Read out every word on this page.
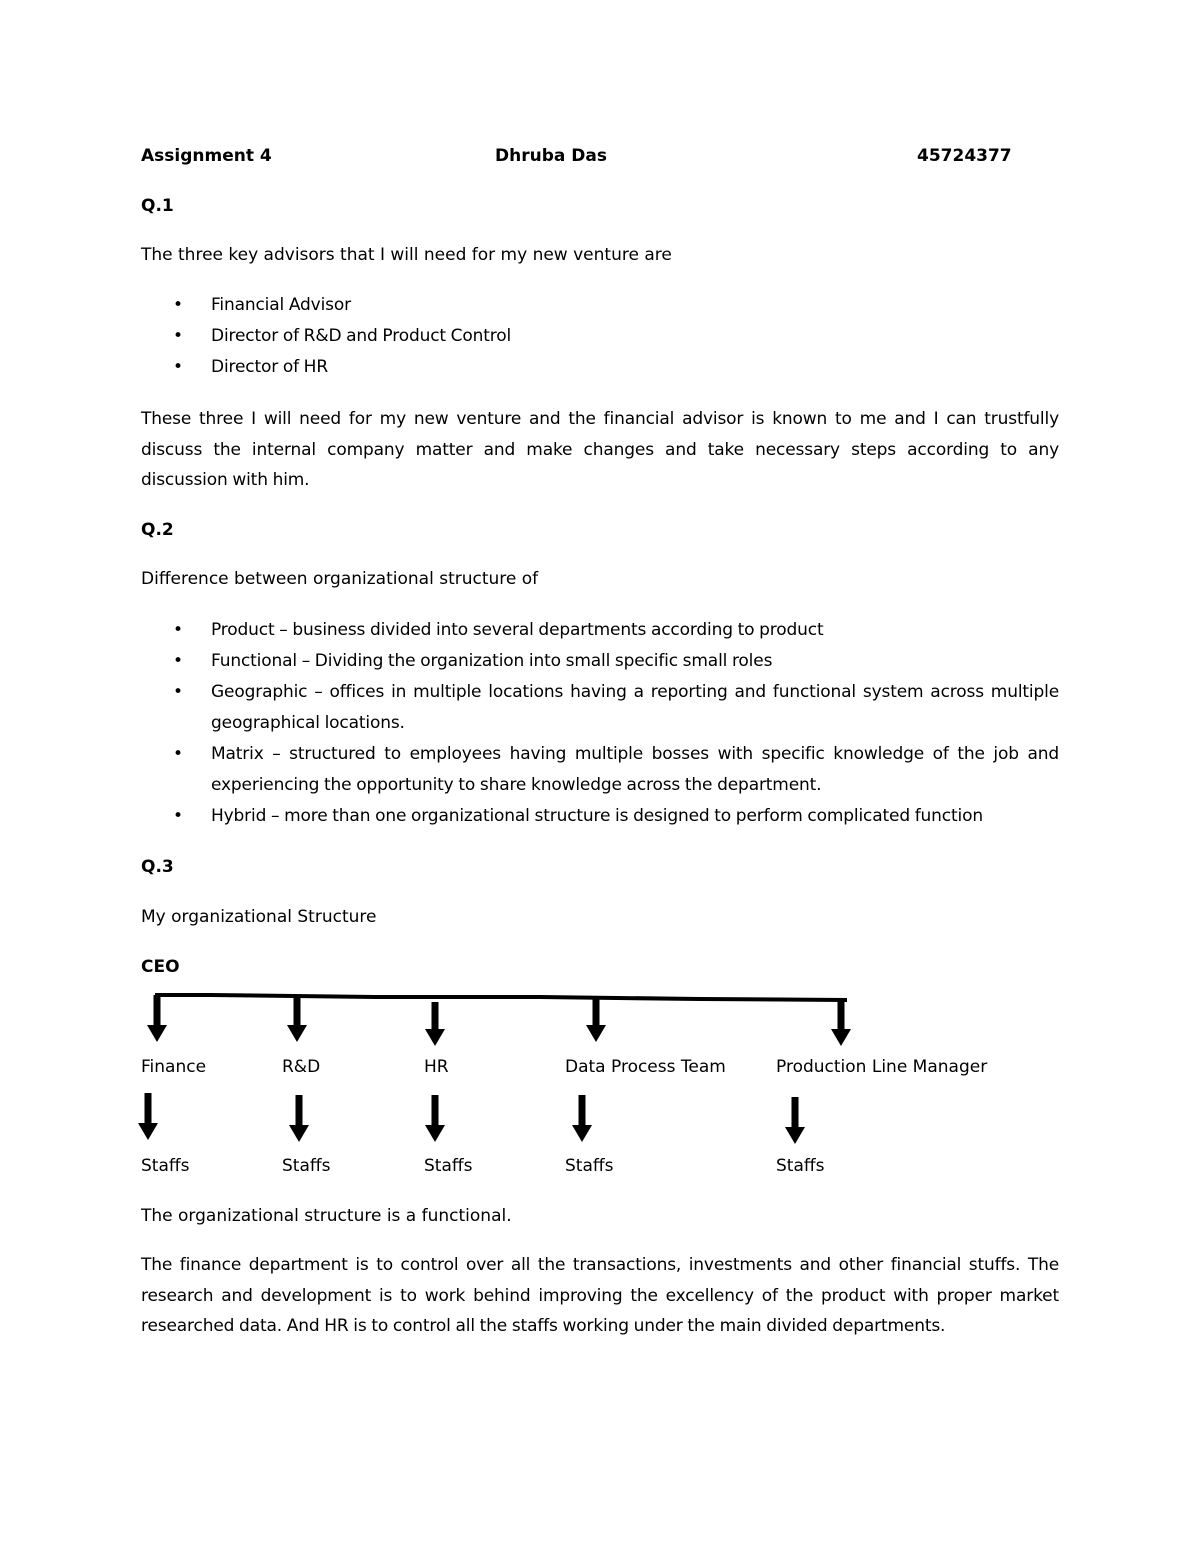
Assignment 4	Dhruba Das	45724377
Q.1
The three key advisors that I will need for my new venture are
• Financial Advisor
• Director of R&D and Product Control
• Director of HR
These three I will need for my new venture and the financial advisor is known to me and I can trustfully discuss the internal company matter and make changes and take necessary steps according to any discussion with him.
Q.2
Difference between organizational structure of
• Product – business divided into several departments according to product
• Functional – Dividing the organization into small specific small roles
• Geographic – offices in multiple locations having a reporting and functional system across multiple geographical locations.
• Matrix – structured to employees having multiple bosses with specific knowledge of the job and experiencing the opportunity to share knowledge across the department.
• Hybrid – more than one organizational structure is designed to perform complicated function
Q.3
My organizational Structure
CEO
Finance	R&D	HR	Data Process Team	Production Line Manager
Staffs	Staffs	Staffs	Staffs	Staffs
The organizational structure is a functional.
The finance department is to control over all the transactions, investments and other financial stuffs. The research and development is to work behind improving the excellency of the product with proper market researched data. And HR is to control all the staffs working under the main divided departments.
